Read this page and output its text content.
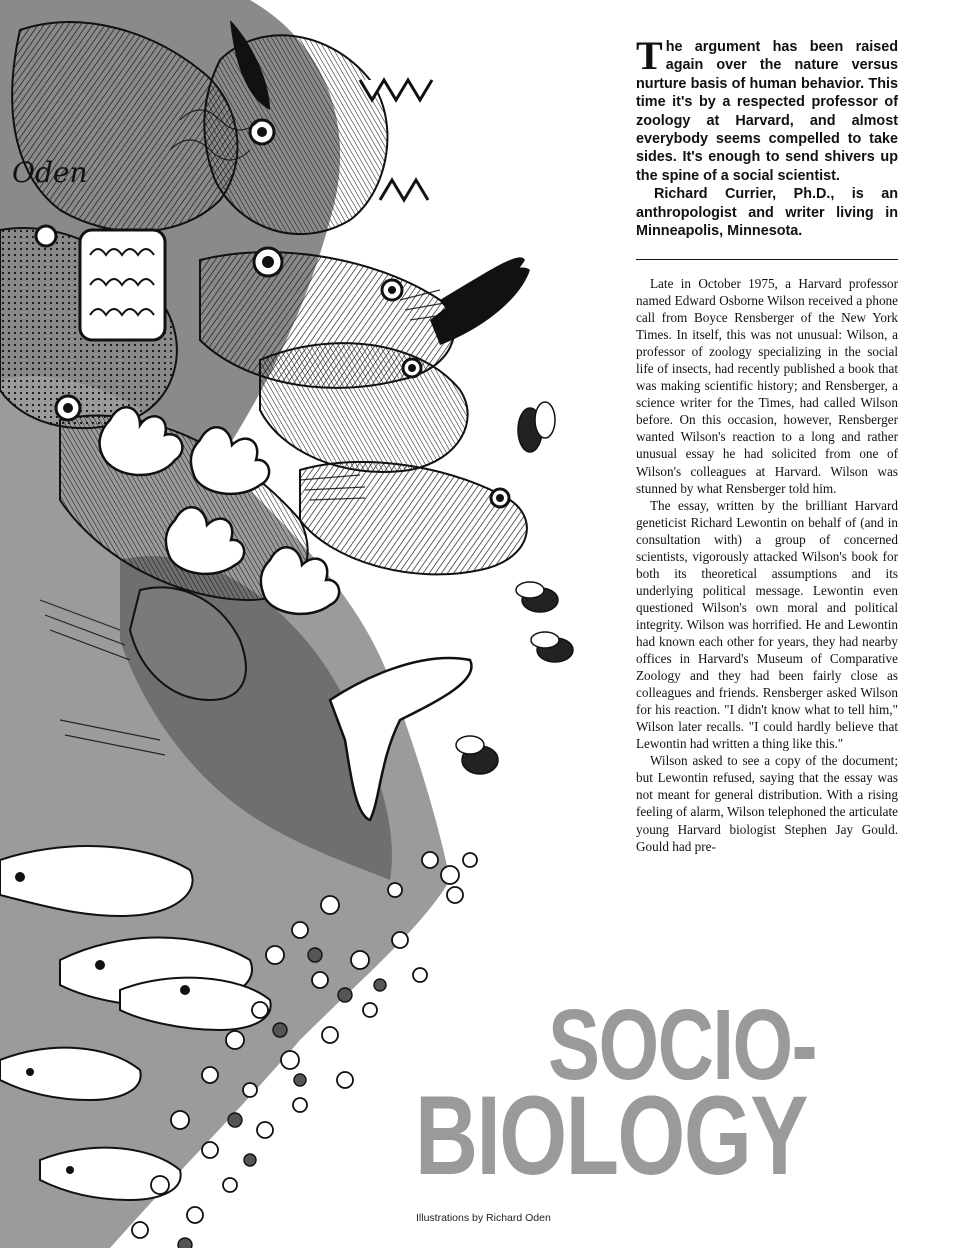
Oden

The argument has been raised again over the nature versus nurture basis of human behavior. This time it's by a respected professor of zoology at Harvard, and almost everybody seems compelled to take sides. It's enough to send shivers up the spine of a social scientist.

Richard Currier, Ph.D., is an anthropologist and writer living in Minneapolis, Minnesota.

Late in October 1975, a Harvard professor named Edward Osborne Wilson received a phone call from Boyce Rensberger of the New York Times. In itself, this was not unusual: Wilson, a professor of zoology specializing in the social life of insects, had recently published a book that was making scientific history; and Rensberger, a science writer for the Times, had called Wilson before. On this occasion, however, Rensberger wanted Wilson's reaction to a long and rather unusual essay he had solicited from one of Wilson's colleagues at Harvard. Wilson was stunned by what Rensberger told him.

The essay, written by the brilliant Harvard geneticist Richard Lewontin on behalf of (and in consultation with) a group of concerned scientists, vigorously attacked Wilson's book for both its theoretical assumptions and its underlying political message. Lewontin even questioned Wilson's own moral and political integrity. Wilson was horrified. He and Lewontin had known each other for years, they had nearby offices in Harvard's Museum of Comparative Zoology and they had been fairly close as colleagues and friends. Rensberger asked Wilson for his reaction. "I didn't know what to tell him," Wilson later recalls. "I could hardly believe that Lewontin had written a thing like this."

Wilson asked to see a copy of the document; but Lewontin refused, saying that the essay was not meant for general distribution. With a rising feeling of alarm, Wilson telephoned the articulate young Harvard biologist Stephen Jay Gould. Gould had pre-

SOCIO-
BIOLOGY
Illustrations by Richard Oden
